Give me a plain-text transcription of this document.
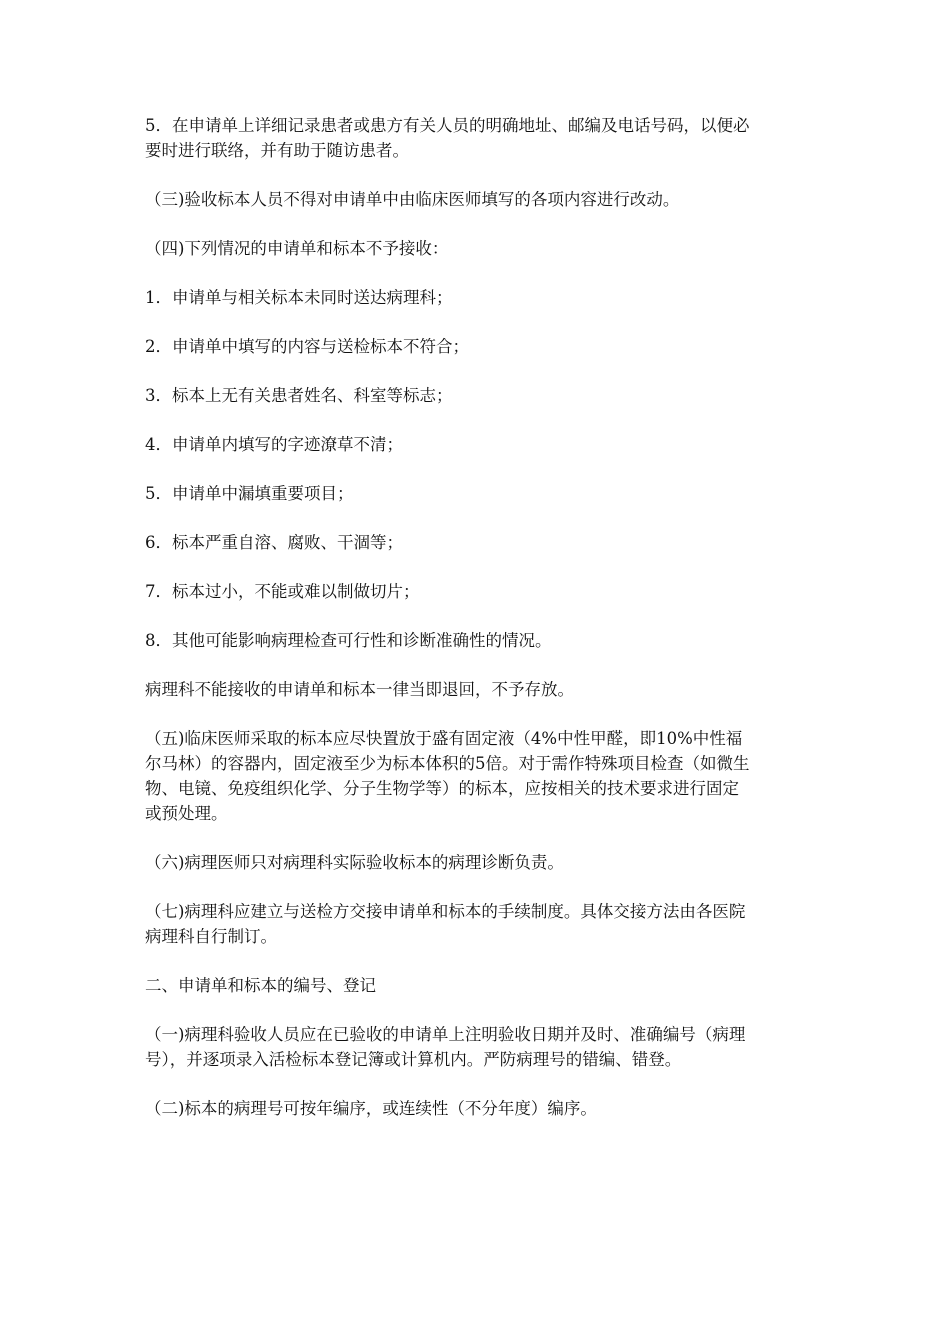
5．在申请单上详细记录患者或患方有关人员的明确地址、邮编及电话号码，以便必要时进行联络，并有助于随访患者。

（三)验收标本人员不得对申请单中由临床医师填写的各项内容进行改动。

（四)下列情况的申请单和标本不予接收：

1．申请单与相关标本未同时送达病理科；

2．申请单中填写的内容与送检标本不符合；

3．标本上无有关患者姓名、科室等标志；

4．申请单内填写的字迹潦草不清；

5．申请单中漏填重要项目；

6．标本严重自溶、腐败、干涸等；

7．标本过小，不能或难以制做切片；

8．其他可能影响病理检查可行性和诊断准确性的情况。

病理科不能接收的申请单和标本一律当即退回，不予存放。

（五)临床医师采取的标本应尽快置放于盛有固定液（4%中性甲醛，即10%中性福尔马林）的容器内，固定液至少为标本体积的5倍。对于需作特殊项目检查（如微生物、电镜、免疫组织化学、分子生物学等）的标本，应按相关的技术要求进行固定或预处理。

（六)病理医师只对病理科实际验收标本的病理诊断负责。

（七)病理科应建立与送检方交接申请单和标本的手续制度。具体交接方法由各医院病理科自行制订。

二、申请单和标本的编号、登记

（一)病理科验收人员应在已验收的申请单上注明验收日期并及时、准确编号（病理号），并逐项录入活检标本登记簿或计算机内。严防病理号的错编、错登。

（二)标本的病理号可按年编序，或连续性（不分年度）编序。
